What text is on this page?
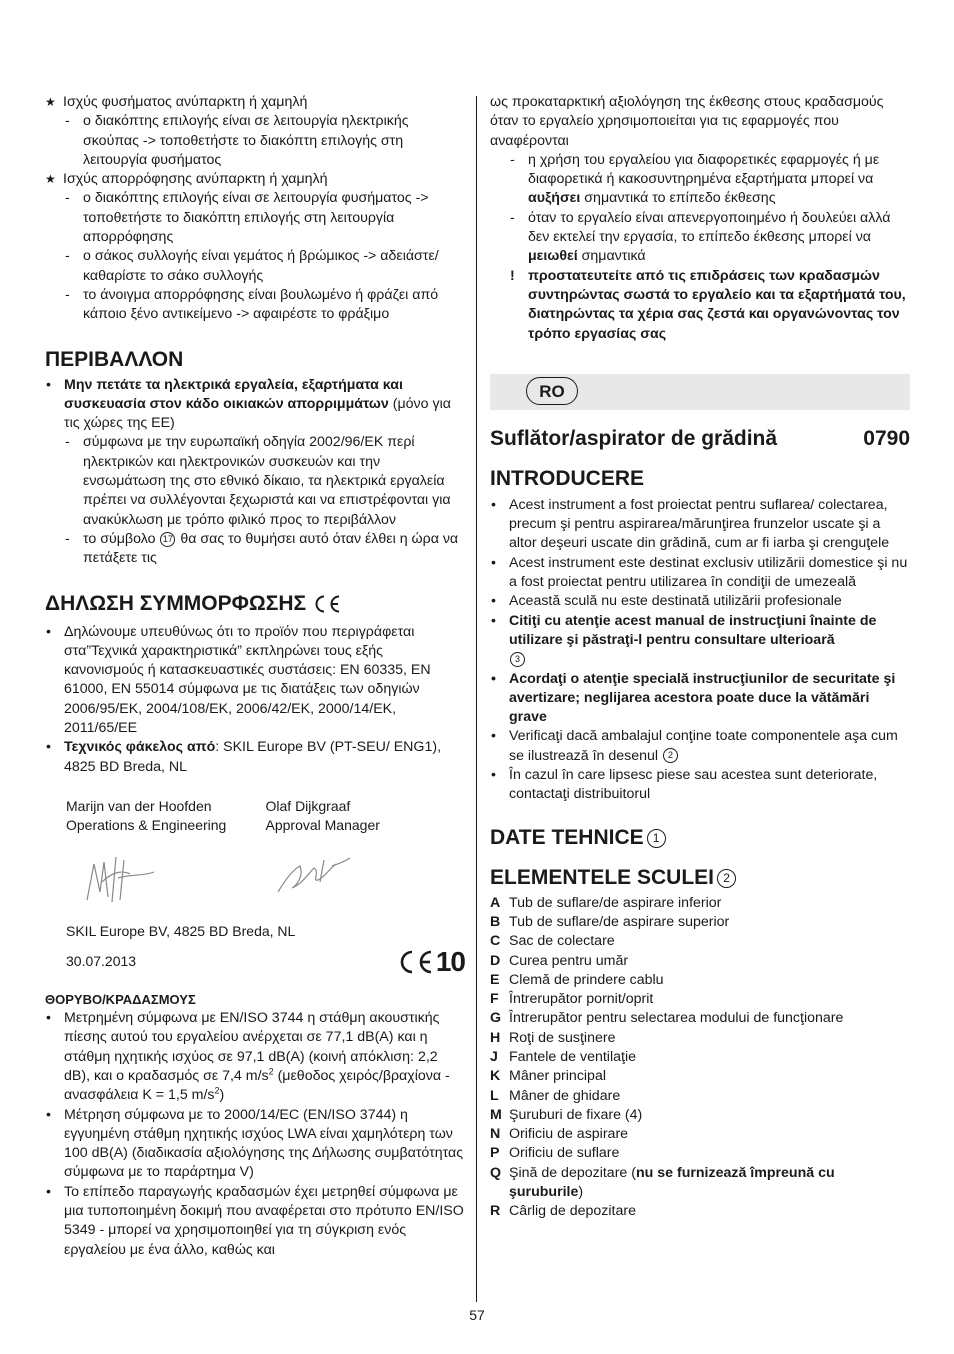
★ Ισχύς φυσήματος ανύπαρκτη ή χαμηλή
- ο διακόπτης επιλογής είναι σε λειτουργία ηλεκτρικής σκούπας -> τοποθετήστε το διακόπτη επιλογής στη λειτουργία φυσήματος
★ Ισχύς απορρόφησης ανύπαρκτη ή χαμηλή
- ο διακόπτης επιλογής είναι σε λειτουργία φυσήματος -> τοποθετήστε το διακόπτη επιλογής στη λειτουργία απορρόφησης
- ο σάκος συλλογής είναι γεμάτος ή βρώμικος -> αδειάστε/ καθαρίστε το σάκο συλλογής
- το άνοιγμα απορρόφησης είναι βουλωμένο ή φράζει από κάποιο ξένο αντικείμενο -> αφαιρέστε το φράξιμο
ΠΕΡΙΒΑΛΛΟΝ
• Μην πετάτε τα ηλεκτρικά εργαλεία, εξαρτήματα και συσκευασία στον κάδο οικιακών απορριμμάτων (μόνο για τις χώρες της ΕΕ)
- σύμφωνα με την ευρωπαϊκή οδηγία 2002/96/ΕΚ περί ηλεκτρικών και ηλεκτρονικών συσκευών και την ενσωμάτωση της στο εθνικό δίκαιο, τα ηλεκτρικά εργαλεία πρέπει να συλλέγονται ξεχωριστά και να επιστρέφονται για ανακύκλωση με τρόπο φιλικό προς το περιβάλλον
- το σύμβολο 17 θα σας το θυμήσει αυτό όταν έλθει η ώρα να πετάξετε τις
ΔΗΛΩΣΗ ΣΥΜΜΟΡΦΩΣΗΣ
• Δηλώνουμε υπευθύνως ότι το προϊόν που περιγράφεται στα”Τεχνικά χαρακτηριστικά” εκπληρώνει τους εξής κανονισμούς ή κατασκευαστικές συστάσεις: EN 60335, EN 61000, EN 55014 σύμφωνα με τις διατάξεις των οδηγιών 2006/95/EK, 2004/108/EK, 2006/42/EK, 2000/14/EK, 2011/65/EE
• Τεχνικός φάκελος από: SKIL Europe BV (PT-SEU/ ENG1), 4825 BD Breda, NL
Marijn van der Hoofden
Operations & Engineering
Olaf Dijkgraaf
Approval Manager
SKIL Europe BV, 4825 BD Breda, NL
30.07.2013	10
ΘΟΡΥΒΟ/ΚΡΑΔΑΣΜΟΥΣ
• Μετρημένη σύμφωνα με EN/ISO 3744 η στάθμη ακουστικής πίεσης αυτού του εργαλείου ανέρχεται σε 77,1 dB(A) και η στάθμη ηχητικής ισχύος σε 97,1 dB(A) (κοινή απόκλιση: 2,2 dB), και ο κραδασμός σε 7,4 $m/s^2$ (μεθοδος χειρός/βραχίονα - ανασφάλεια K = 1,5 $m/s^2$)
• Μέτρηση σύμφωνα με το 2000/14/EC (EN/ISO 3744) η εγγυημένη στάθμη ηχητικής ισχύος LWA είναι χαμηλότερη των 100 dB(A) (διαδικασία αξιολόγησης της Δήλωσης συμβατότητας σύμφωνα με το παράρτημα V)
• Το επίπεδο παραγωγής κραδασμών έχει μετρηθεί σύμφωνα με μια τυποποιημένη δοκιμή που αναφέρεται στο πρότυπο EN/ISO 5349 - μπορεί να χρησιμοποιηθεί για τη σύγκριση ενός εργαλείου με ένα άλλο, καθώς και
ως προκαταρκτική αξιολόγηση της έκθεσης στους κραδασμούς όταν το εργαλείο χρησιμοποιείται για τις εφαρμογές που αναφέρονται
- η χρήση του εργαλείου για διαφορετικές εφαρμογές ή με διαφορετικά ή κακοσυντηρημένα εξαρτήματα μπορεί να αυξήσει σημαντικά το επίπεδο έκθεσης
- όταν το εργαλείο είναι απενεργοποιημένο ή δουλεύει αλλά δεν εκτελεί την εργασία, το επίπεδο έκθεσης μπορεί να μειωθεί σημαντικά
! προστατευτείτε από τις επιδράσεις των κραδασμών συντηρώντας σωστά το εργαλείο και τα εξαρτήματά του, διατηρώντας τα χέρια σας ζεστά και οργανώνοντας τον τρόπο εργασίας σας
RO
Suflător/aspirator de grădină	0790
INTRODUCERE
• Acest instrument a fost proiectat pentru suflarea/ colectarea, precum şi pentru aspirarea/mărunţirea frunzelor uscate şi a altor deşeuri uscate din grădină, cum ar fi iarba şi crenguţele
• Acest instrument este destinat exclusiv utilizării domestice şi nu a fost proiectat pentru utilizarea în condiţii de umezeală
• Această sculă nu este destinată utilizării profesionale
• Citiţi cu atenţie acest manual de instrucţiuni înainte de utilizare şi păstraţi-l pentru consultare ulterioară
3
• Acordaţi o atenţie specială instrucţiunilor de securitate şi avertizare; neglijarea acestora poate duce la vătămări grave
• Verificaţi dacă ambalajul conţine toate componentele aşa cum se ilustrează în desenul 2
• În cazul în care lipsesc piese sau acestea sunt deteriorate, contactaţi distribuitorul
DATE TEHNICE 1
ELEMENTELE SCULEI 2
A Tub de suflare/de aspirare inferior
B Tub de suflare/de aspirare superior
C Sac de colectare
D Curea pentru umăr
E Clemă de prindere cablu
F Întrerupător pornit/oprit
G Întrerupător pentru selectarea modului de funcţionare
H Roţi de susţinere
J Fantele de ventilaţie
K Mâner principal
L Mâner de ghidare
M Şuruburi de fixare (4)
N Orificiu de aspirare
P Orificiu de suflare
Q Şină de depozitare (nu se furnizează împreună cu şuruburile)
R Cârlig de depozitare
57
